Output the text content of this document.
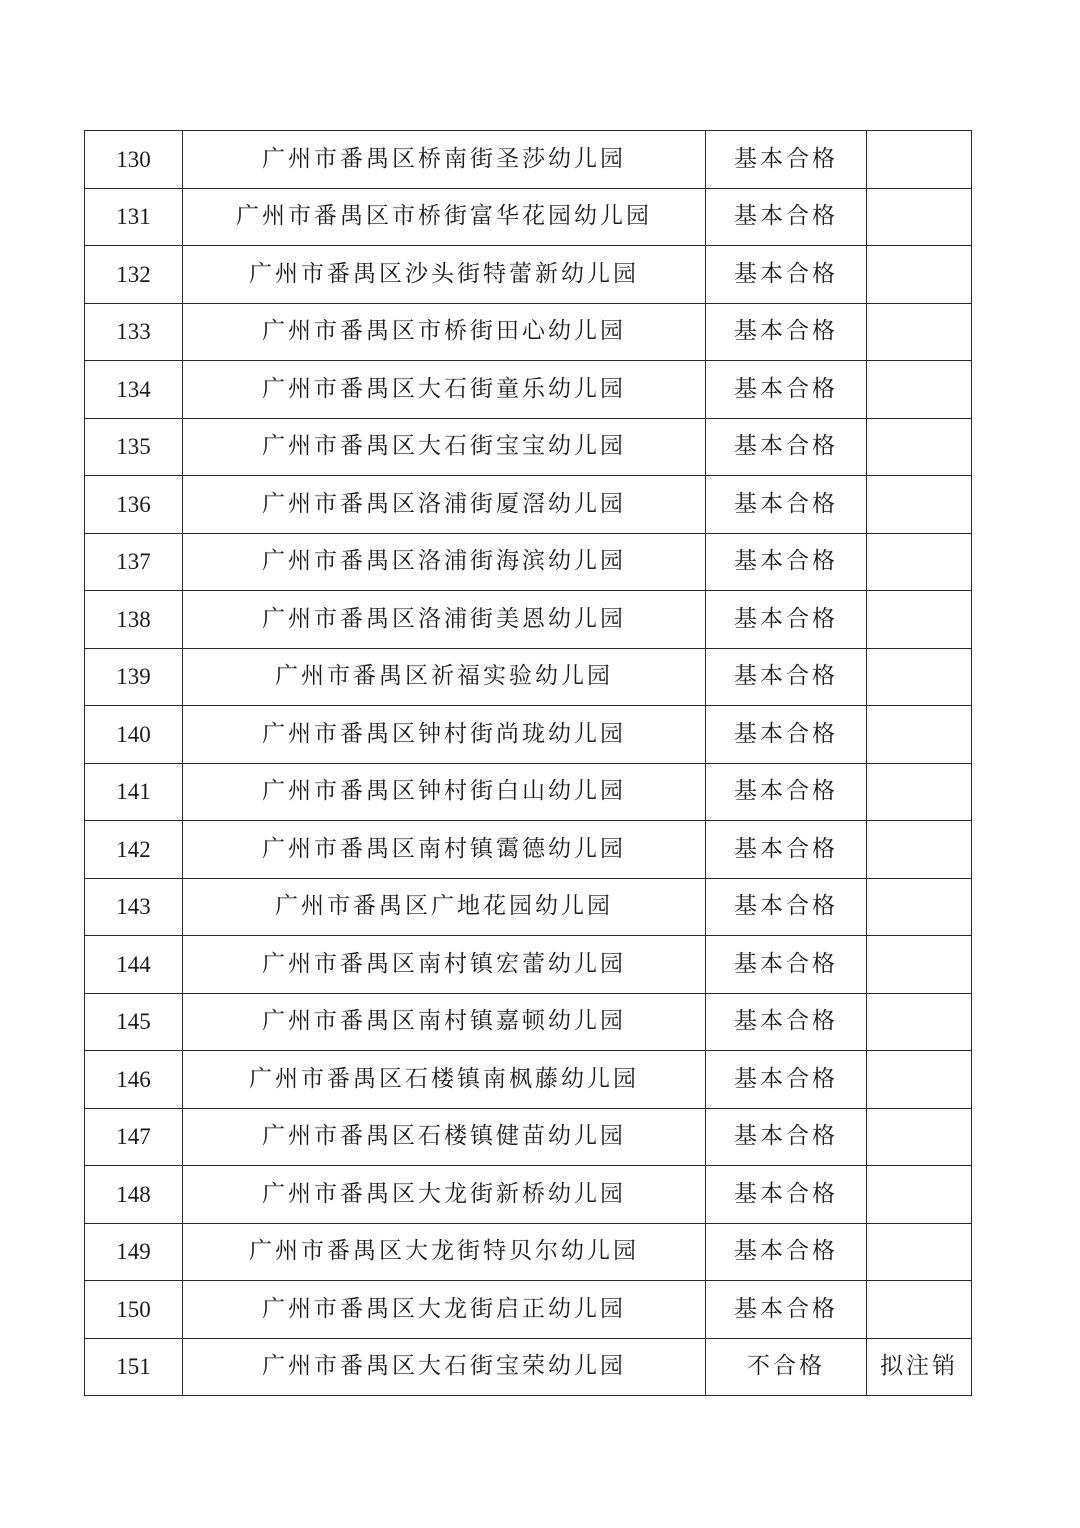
130	广州市番禺区桥南街圣莎幼儿园	基本合格	
131	广州市番禺区市桥街富华花园幼儿园	基本合格	
132	广州市番禺区沙头街特蕾新幼儿园	基本合格	
133	广州市番禺区市桥街田心幼儿园	基本合格	
134	广州市番禺区大石街童乐幼儿园	基本合格	
135	广州市番禺区大石街宝宝幼儿园	基本合格	
136	广州市番禺区洛浦街厦滘幼儿园	基本合格	
137	广州市番禺区洛浦街海滨幼儿园	基本合格	
138	广州市番禺区洛浦街美恩幼儿园	基本合格	
139	广州市番禺区祈福实验幼儿园	基本合格	
140	广州市番禺区钟村街尚珑幼儿园	基本合格	
141	广州市番禺区钟村街白山幼儿园	基本合格	
142	广州市番禺区南村镇霭德幼儿园	基本合格	
143	广州市番禺区广地花园幼儿园	基本合格	
144	广州市番禺区南村镇宏蕾幼儿园	基本合格	
145	广州市番禺区南村镇嘉顿幼儿园	基本合格	
146	广州市番禺区石楼镇南枫藤幼儿园	基本合格	
147	广州市番禺区石楼镇健苗幼儿园	基本合格	
148	广州市番禺区大龙街新桥幼儿园	基本合格	
149	广州市番禺区大龙街特贝尔幼儿园	基本合格	
150	广州市番禺区大龙街启正幼儿园	基本合格	
151	广州市番禺区大石街宝荣幼儿园	不合格	拟注销
